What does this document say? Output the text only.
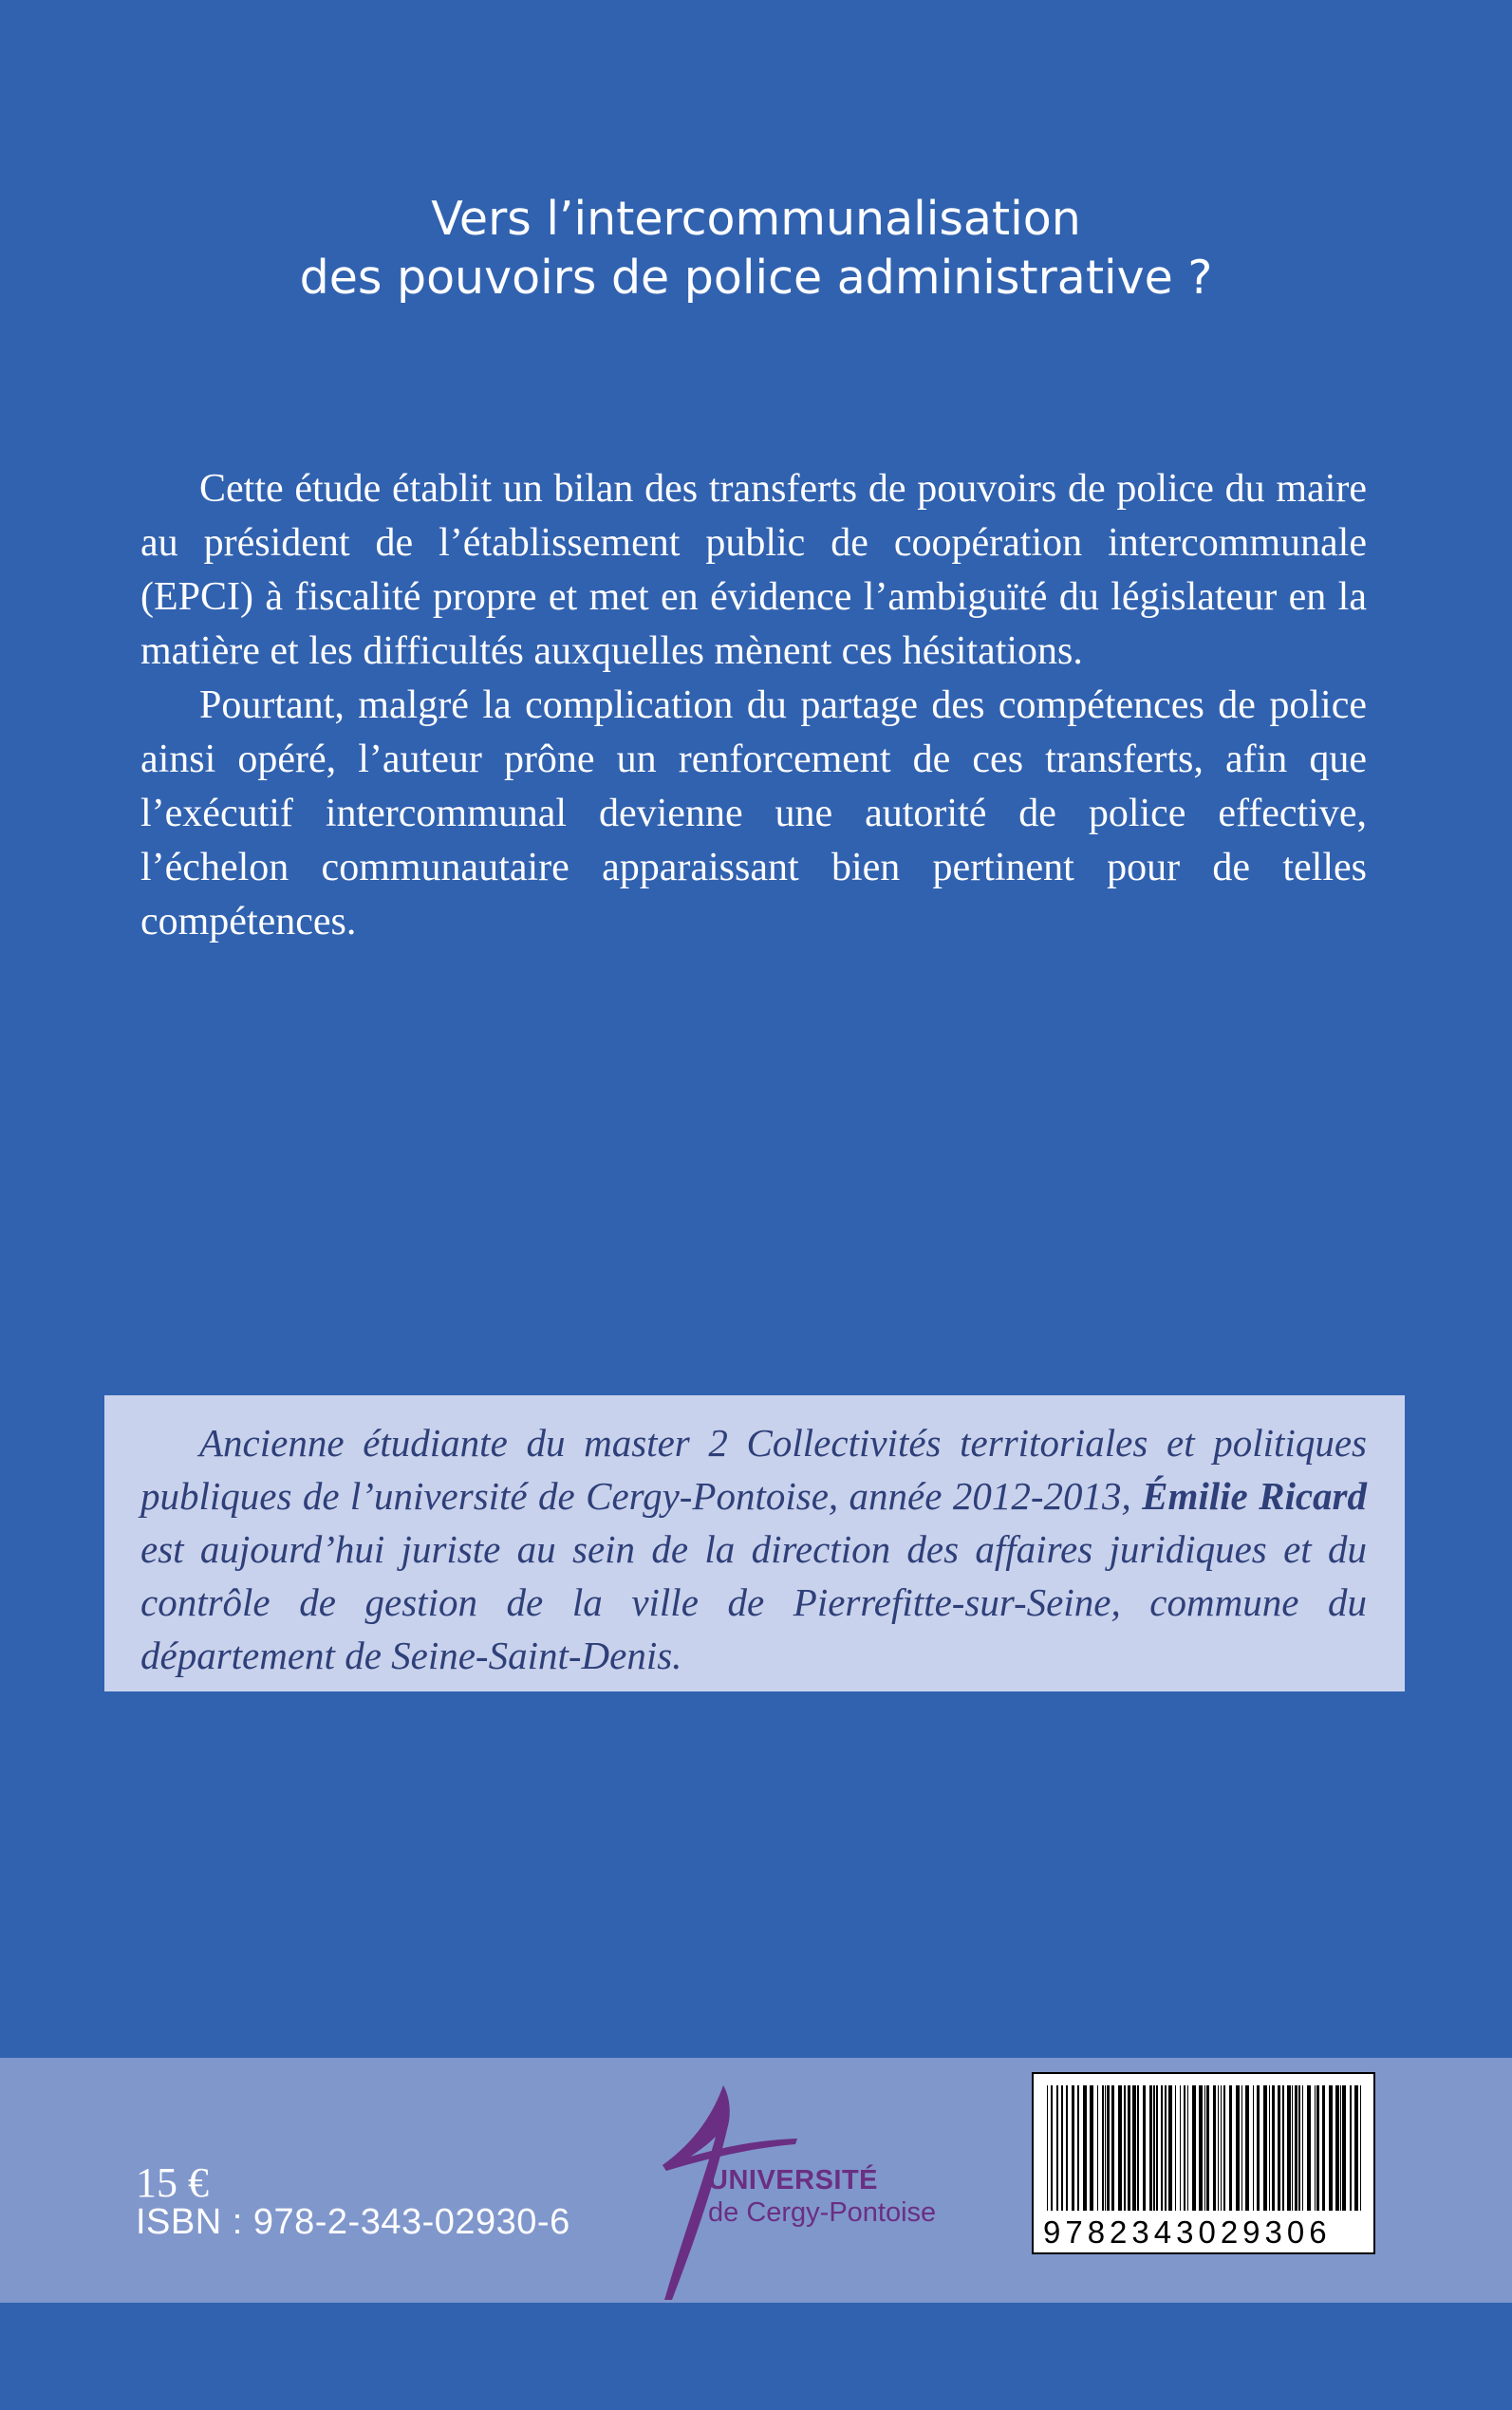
Vers l’intercommunalisation
des pouvoirs de police administrative ?

Cette étude établit un bilan des transferts de pouvoirs de police du maire au président de l’établissement public de coopération intercommunale (EPCI) à fiscalité propre et met en évidence l’ambiguïté du législateur en la matière et les difficultés auxquelles mènent ces hésitations.

Pourtant, malgré la complication du partage des compétences de police ainsi opéré, l’auteur prône un renforcement de ces transferts, afin que l’exécutif intercommunal devienne une autorité de police effective, l’échelon communautaire apparaissant bien pertinent pour de telles compétences.

Ancienne étudiante du master 2 Collectivités territoriales et politiques publiques de l’université de Cergy-Pontoise, année 2012-2013, Émilie Ricard est aujourd’hui juriste au sein de la direction des affaires juridiques et du contrôle de gestion de la ville de Pierrefitte-sur-Seine, commune du département de Seine-Saint-Denis.

15 €
ISBN : 978-2-343-02930-6
UNIVERSITÉ
de Cergy-Pontoise
9782343029306
